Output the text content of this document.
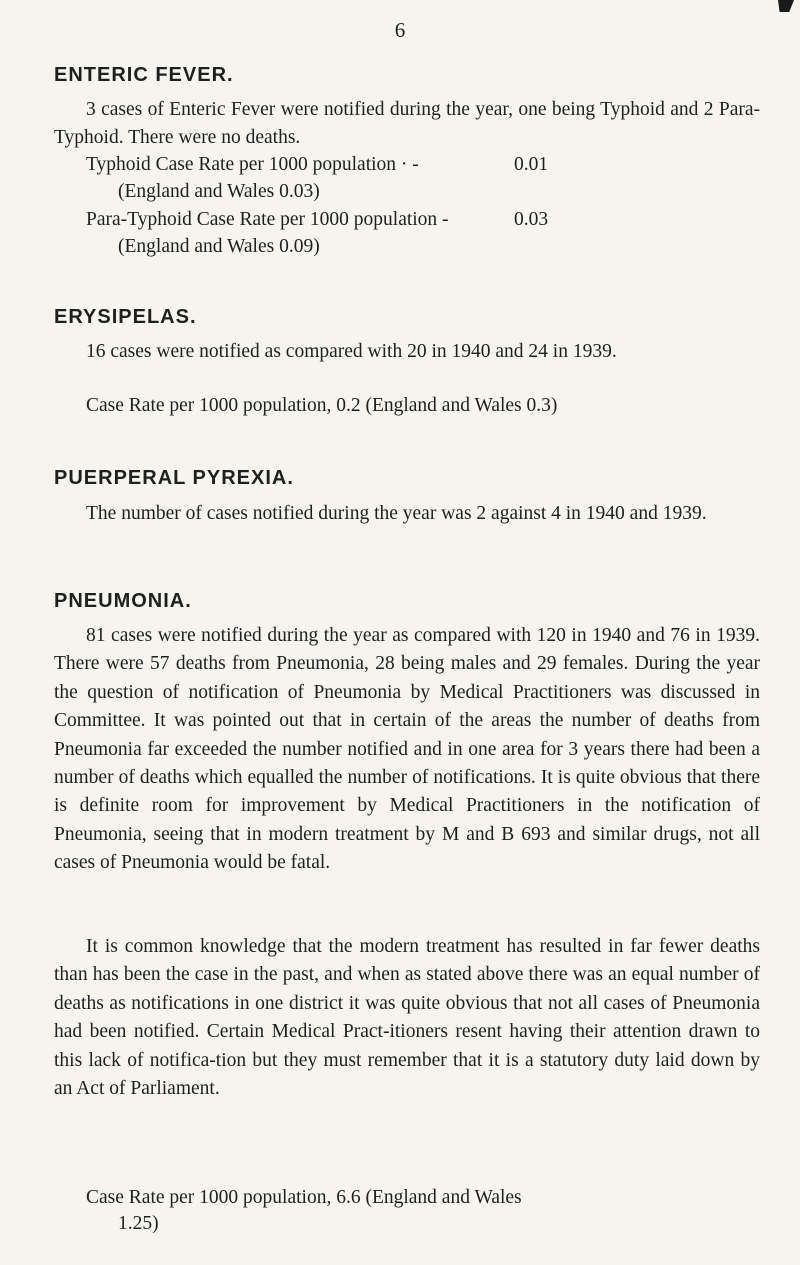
6
ENTERIC FEVER.

3 cases of Enteric Fever were notified during the year, one being Typhoid and 2 Para-Typhoid. There were no deaths.

Typhoid Case Rate per 1000 population · -	0.01
(England and Wales 0.03)
Para-Typhoid Case Rate per 1000 population -	0.03
(England and Wales 0.09)
ERYSIPELAS.

16 cases were notified as compared with 20 in 1940 and 24 in 1939.

Case Rate per 1000 population, 0.2 (England and Wales 0.3)
PUERPERAL PYREXIA.

The number of cases notified during the year was 2 against 4 in 1940 and 1939.

PNEUMONIA.

81 cases were notified during the year as compared with 120 in 1940 and 76 in 1939. There were 57 deaths from Pneumonia, 28 being males and 29 females. During the year the question of notification of Pneumonia by Medical Practitioners was discussed in Committee. It was pointed out that in certain of the areas the number of deaths from Pneumonia far exceeded the number notified and in one area for 3 years there had been a number of deaths which equalled the number of notifications. It is quite obvious that there is definite room for improvement by Medical Practitioners in the notification of Pneumonia, seeing that in modern treatment by M and B 693 and similar drugs, not all cases of Pneumonia would be fatal.

It is common knowledge that the modern treatment has resulted in far fewer deaths than has been the case in the past, and when as stated above there was an equal number of deaths as notifications in one district it was quite obvious that not all cases of Pneumonia had been notified. Certain Medical Pract-itioners resent having their attention drawn to this lack of notifica-tion but they must remember that it is a statutory duty laid down by an Act of Parliament.

Case Rate per 1000 population, 6.6 (England and Wales
1.25)
